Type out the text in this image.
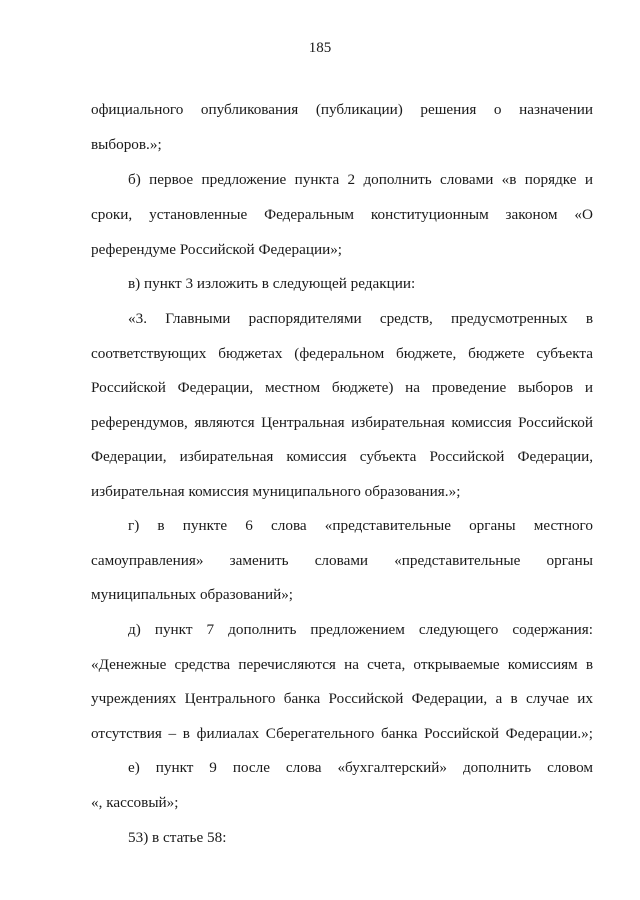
185
официального опубликования (публикации) решения о назначении
выборов.»;
б) первое предложение пункта 2 дополнить словами «в порядке и
сроки, установленные Федеральным конституционным законом «О
референдуме Российской Федерации»;
в) пункт 3 изложить в следующей редакции:
«3. Главными распорядителями средств, предусмотренных в
соответствующих бюджетах (федеральном бюджете, бюджете субъекта
Российской Федерации, местном бюджете) на проведение выборов и
референдумов, являются Центральная избирательная комиссия Российской
Федерации, избирательная комиссия субъекта Российской Федерации,
избирательная комиссия муниципального образования.»;
г) в пункте 6 слова «представительные органы местного
самоуправления» заменить словами «представительные органы
муниципальных образований»;
д) пункт 7 дополнить предложением следующего содержания:
«Денежные средства перечисляются на счета, открываемые комиссиям в
учреждениях Центрального банка Российской Федерации, а в случае их
отсутствия – в филиалах Сберегательного банка Российской Федерации.»;
е) пункт 9 после слова «бухгалтерский» дополнить словом
«, кассовый»;
53) в статье 58:
